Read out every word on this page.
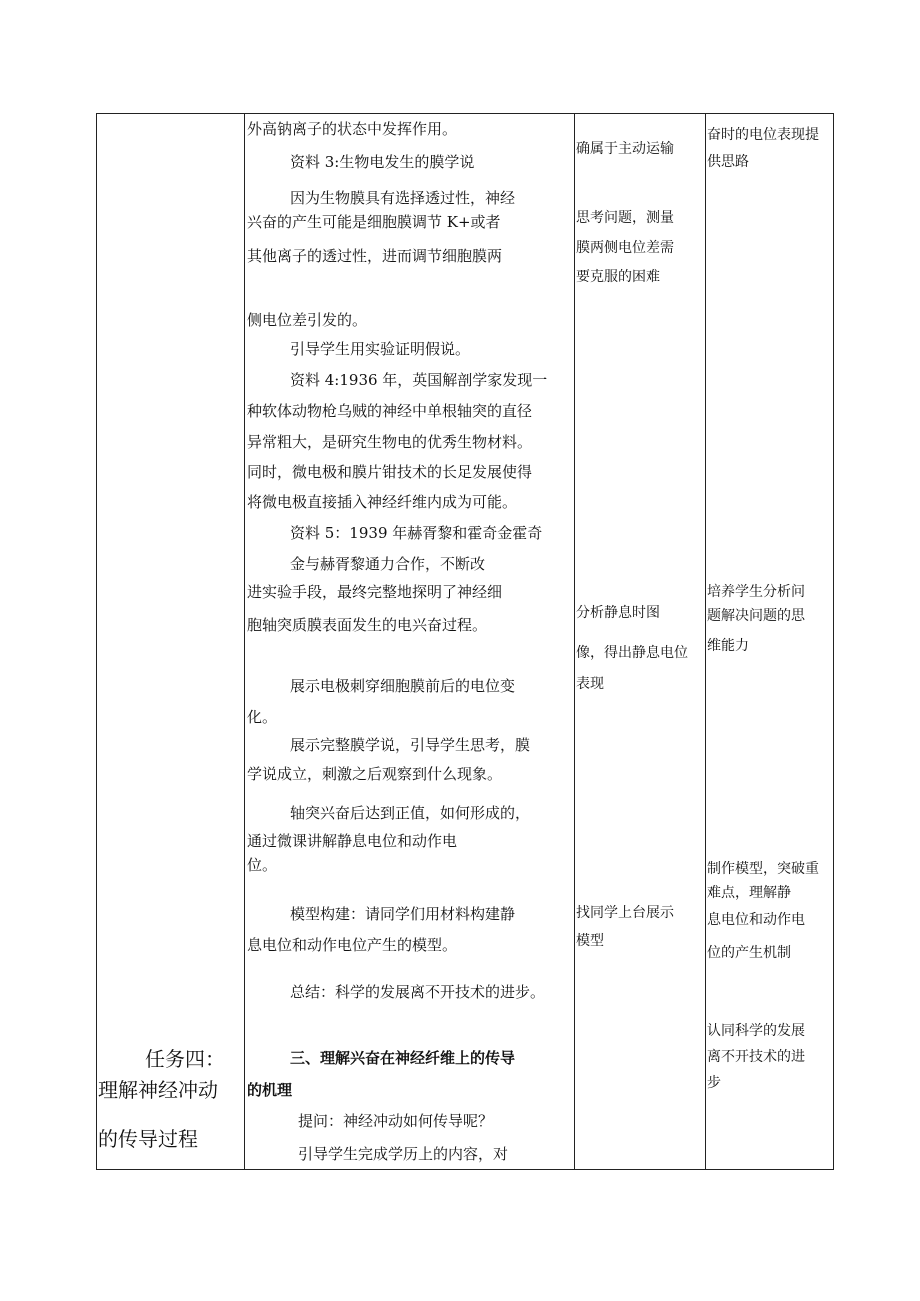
任务四：
理解神经冲动
的传导过程
外高钠离子的状态中发挥作用。
资料 3:生物电发生的膜学说
因为生物膜具有选择透过性，神经
兴奋的产生可能是细胞膜调节 K+或者
其他离子的透过性，进而调节细胞膜两
侧电位差引发的。
引导学生用实验证明假说。
资料 4:1936 年，英国解剖学家发现一
种软体动物枪乌贼的神经中单根轴突的直径
异常粗大，是研究生物电的优秀生物材料。
同时，微电极和膜片钳技术的长足发展使得
将微电极直接插入神经纤维内成为可能。
资料 5：1939 年赫胥黎和霍奇金霍奇
金与赫胥黎通力合作，不断改
进实验手段，最终完整地探明了神经细
胞轴突质膜表面发生的电兴奋过程。
展示电极刺穿细胞膜前后的电位变
化。
展示完整膜学说，引导学生思考，膜
学说成立，刺激之后观察到什么现象。
轴突兴奋后达到正值，如何形成的，
通过微课讲解静息电位和动作电
位。
模型构建：请同学们用材料构建静
息电位和动作电位产生的模型。
总结：科学的发展离不开技术的进步。
三、理解兴奋在神经纤维上的传导
的机理
提问：神经冲动如何传导呢？
引导学生完成学历上的内容，对
确属于主动运输
思考问题，测量
膜两侧电位差需
要克服的困难
分析静息时图
像，得出静息电位
表现
找同学上台展示
模型
奋时的电位表现提
供思路
培养学生分析问
题解决问题的思
维能力
制作模型，突破重
难点，理解静
息电位和动作电
位的产生机制
认同科学的发展
离不开技术的进
步
